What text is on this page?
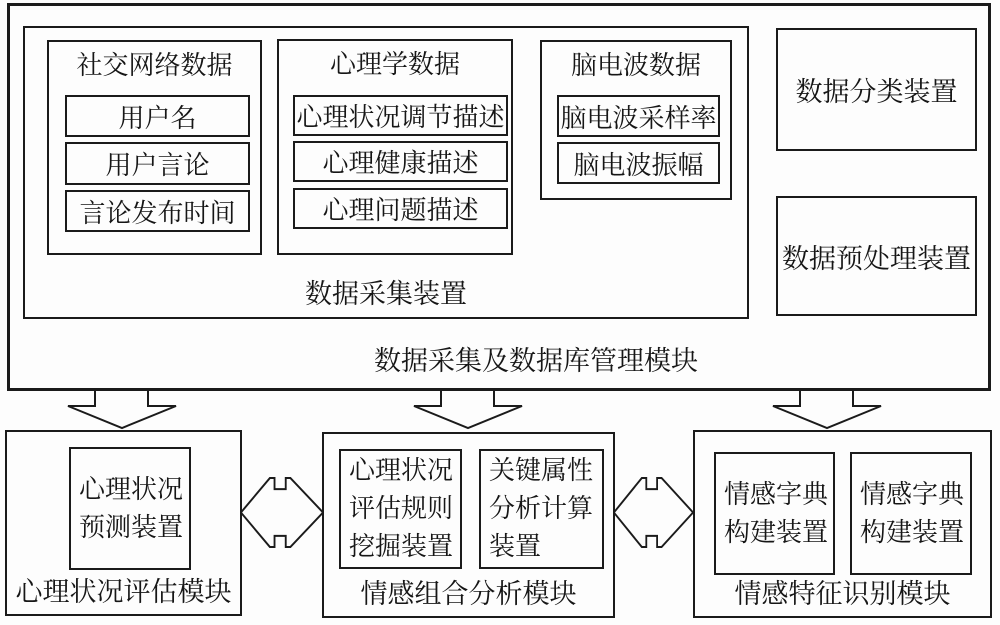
社交网络数据
用户名
用户言论
言论发布时间
心理学数据
心理状况调节描述
心理健康描述
心理问题描述
脑电波数据
脑电波采样率
脑电波振幅
数据采集装置
数据分类装置
数据预处理装置
数据采集及数据库管理模块
心理状况预测装置
心理状况评估模块
心理状况评估规则挖掘装置
关键属性分析计算装置
情感组合分析模块
情感字典构建装置
情感字典构建装置
情感特征识别模块
